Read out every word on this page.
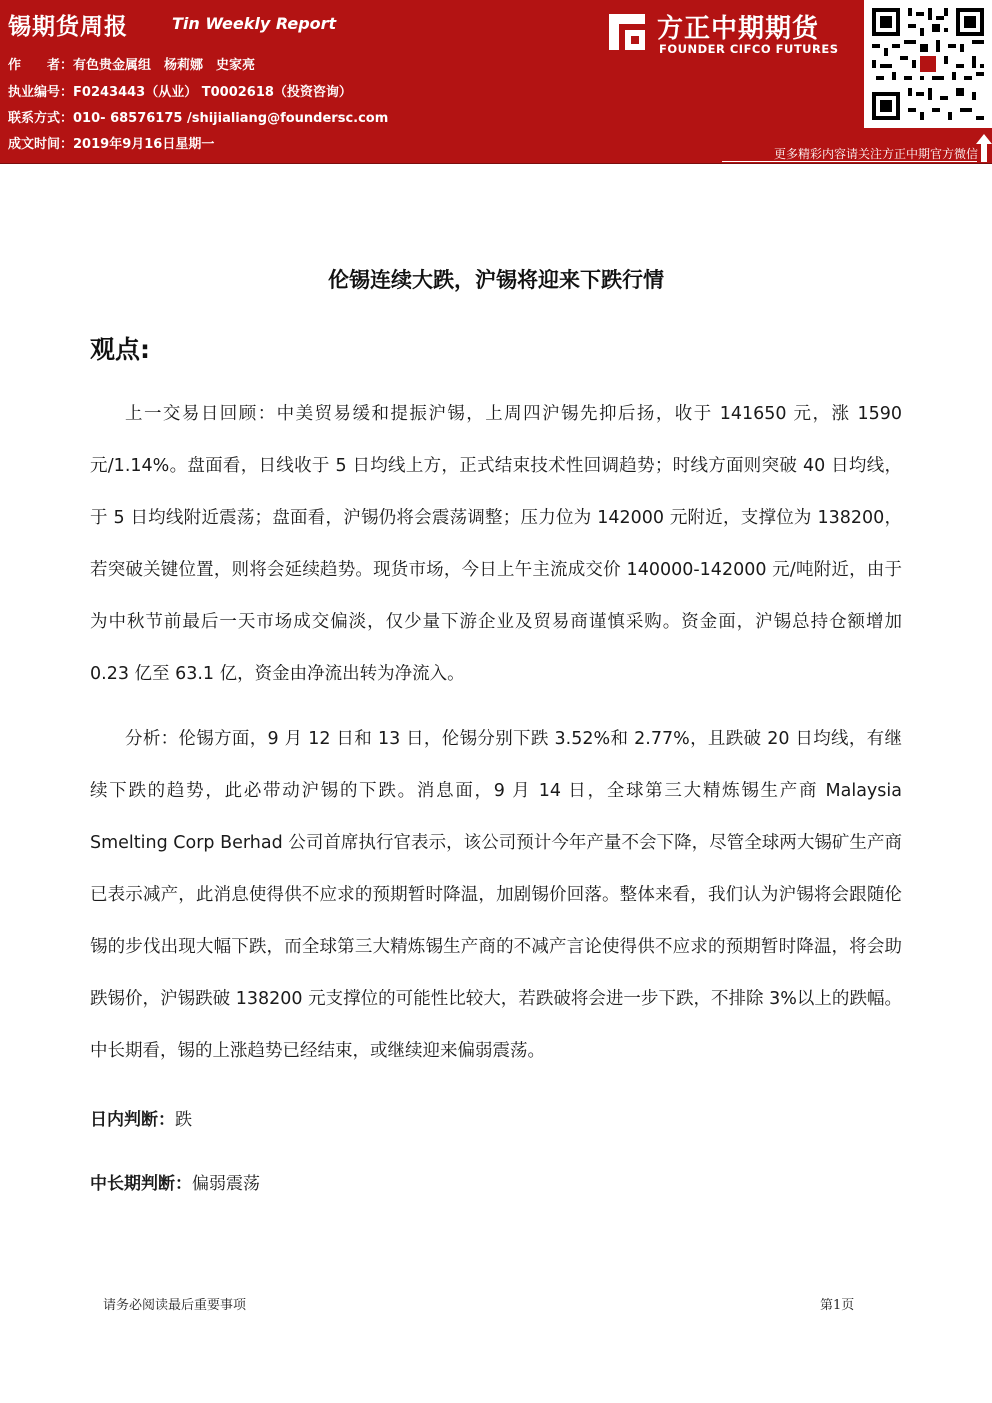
锡期货周报	Tin Weekly Report
作　　者：有色贵金属组　杨莉娜　史家亮
执业编号：F0243443（从业） T0002618（投资咨询）
联系方式：010- 68576175 /shijialiang@foundersc.com
成文时间：2019年9月16日星期一
方正中期期货
FOUNDER CIFCO FUTURES
更多精彩内容请关注方正中期官方微信
伦锡连续大跌，沪锡将迎来下跌行情
观点:
上一交易日回顾：中美贸易缓和提振沪锡，上周四沪锡先抑后扬，收于 141650 元，涨 1590 元/1.14%。盘面看，日线收于 5 日均线上方，正式结束技术性回调趋势；时线方面则突破 40 日均线，于 5 日均线附近震荡；盘面看，沪锡仍将会震荡调整；压力位为 142000 元附近，支撑位为 138200，若突破关键位置，则将会延续趋势。现货市场，今日上午主流成交价 140000-142000 元/吨附近，由于为中秋节前最后一天市场成交偏淡，仅少量下游企业及贸易商谨慎采购。资金面，沪锡总持仓额增加 0.23 亿至 63.1 亿，资金由净流出转为净流入。
分析：伦锡方面，9 月 12 日和 13 日，伦锡分别下跌 3.52%和 2.77%，且跌破 20 日均线，有继续下跌的趋势，此必带动沪锡的下跌。消息面，9 月 14 日，全球第三大精炼锡生产商 Malaysia Smelting Corp Berhad 公司首席执行官表示，该公司预计今年产量不会下降，尽管全球两大锡矿生产商已表示减产，此消息使得供不应求的预期暂时降温，加剧锡价回落。整体来看，我们认为沪锡将会跟随伦锡的步伐出现大幅下跌，而全球第三大精炼锡生产商的不减产言论使得供不应求的预期暂时降温，将会助跌锡价，沪锡跌破 138200 元支撑位的可能性比较大，若跌破将会进一步下跌，不排除 3%以上的跌幅。中长期看，锡的上涨趋势已经结束，或继续迎来偏弱震荡。
日内判断：跌
中长期判断：偏弱震荡
请务必阅读最后重要事项	第1页
